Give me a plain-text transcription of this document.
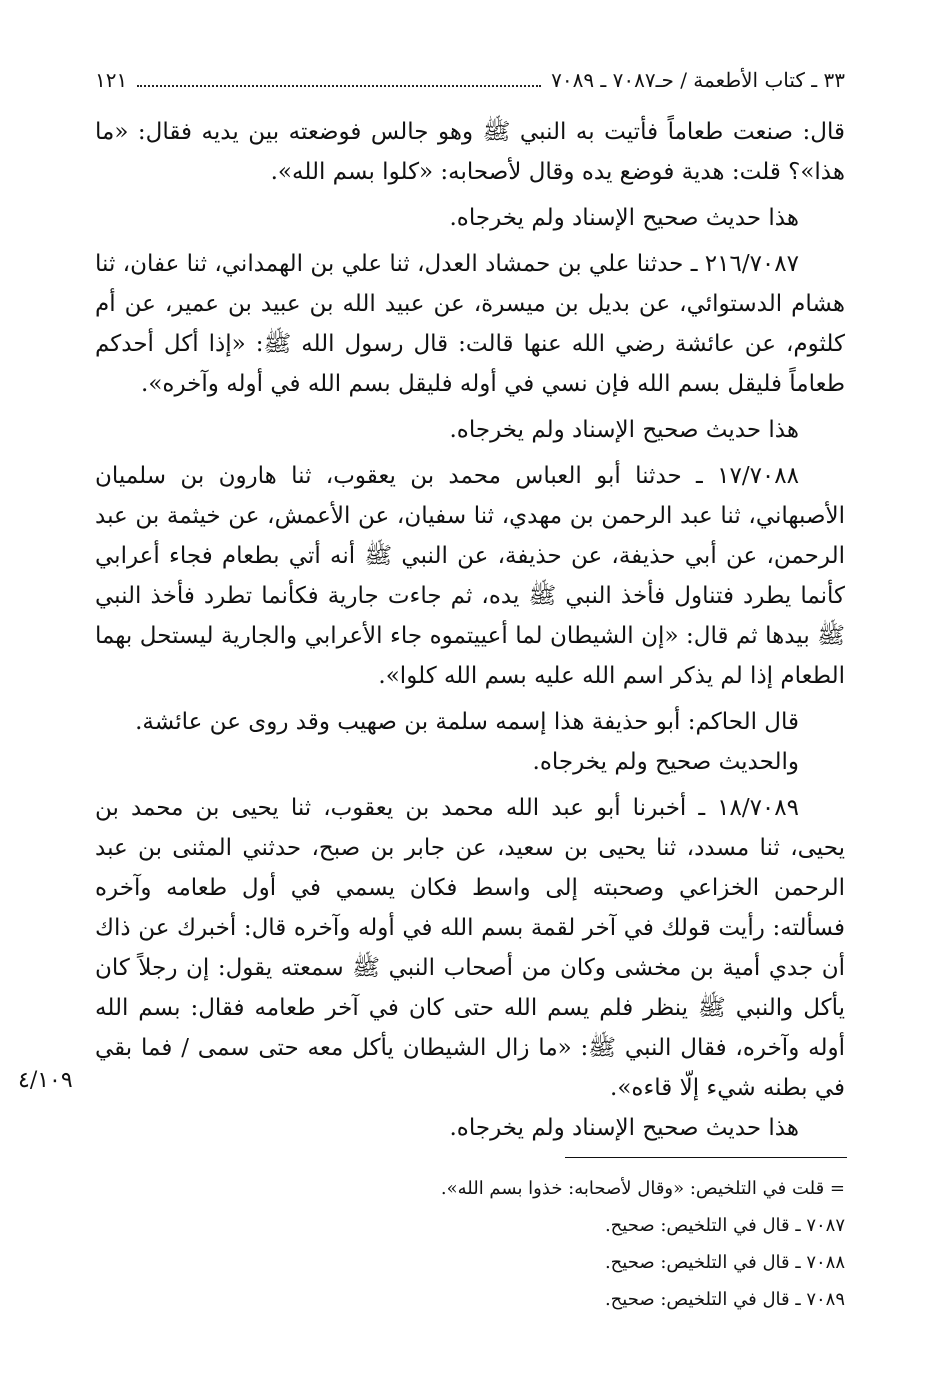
٣٣ ـ كتاب الأطعمة / حـ٧٠٨٧ ـ ٧٠٨٩
١٢١

قال: صنعت طعاماً فأتيت به النبي ﷺ وهو جالس فوضعته بين يديه فقال: «ما هذا»؟ قلت: هدية فوضع يده وقال لأصحابه: «كلوا بسم الله».

هذا حديث صحيح الإسناد ولم يخرجاه.

٢١٦/٧٠٨٧ ـ حدثنا علي بن حمشاد العدل، ثنا علي بن الهمداني، ثنا عفان، ثنا هشام الدستوائي، عن بديل بن ميسرة، عن عبيد الله بن عبيد بن عمير، عن أم كلثوم، عن عائشة رضي الله عنها قالت: قال رسول الله ﷺ: «إذا أكل أحدكم طعاماً فليقل بسم الله فإن نسي في أوله فليقل بسم الله في أوله وآخره».

هذا حديث صحيح الإسناد ولم يخرجاه.

١٧/٧٠٨٨ ـ حدثنا أبو العباس محمد بن يعقوب، ثنا هارون بن سلميان الأصبهاني، ثنا عبد الرحمن بن مهدي، ثنا سفيان، عن الأعمش، عن خيثمة بن عبد الرحمن، عن أبي حذيفة، عن حذيفة، عن النبي ﷺ أنه أتي بطعام فجاء أعرابي كأنما يطرد فتناول فأخذ النبي ﷺ يده، ثم جاءت جارية فكأنما تطرد فأخذ النبي ﷺ بيدها ثم قال: «إن الشيطان لما أعييتموه جاء الأعرابي والجارية ليستحل بهما الطعام إذا لم يذكر اسم الله عليه بسم الله كلوا».

قال الحاكم: أبو حذيفة هذا إسمه سلمة بن صهيب وقد روى عن عائشة.

والحديث صحيح ولم يخرجاه.

١٨/٧٠٨٩ ـ أخبرنا أبو عبد الله محمد بن يعقوب، ثنا يحيى بن محمد بن يحيى، ثنا مسدد، ثنا يحيى بن سعيد، عن جابر بن صبح، حدثني المثنى بن عبد الرحمن الخزاعي وصحبته إلى واسط فكان يسمي في أول طعامه وآخره فسألته: رأيت قولك في آخر لقمة بسم الله في أوله وآخره قال: أخبرك عن ذاك أن جدي أمية بن مخشى وكان من أصحاب النبي ﷺ سمعته يقول: إن رجلاً كان يأكل والنبي ﷺ ينظر فلم يسم الله حتى كان في آخر طعامه فقال: بسم الله أوله وآخره، فقال النبي ﷺ: «ما زال الشيطان يأكل معه حتى سمى / فما بقي في بطنه شيء إلّا قاءه».

هذا حديث صحيح الإسناد ولم يخرجاه.

٤/١٠٩

= قلت في التلخيص: «وقال لأصحابه: خذوا بسم الله».

٧٠٨٧ ـ قال في التلخيص: صحيح.

٧٠٨٨ ـ قال في التلخيص: صحيح.

٧٠٨٩ ـ قال في التلخيص: صحيح.
